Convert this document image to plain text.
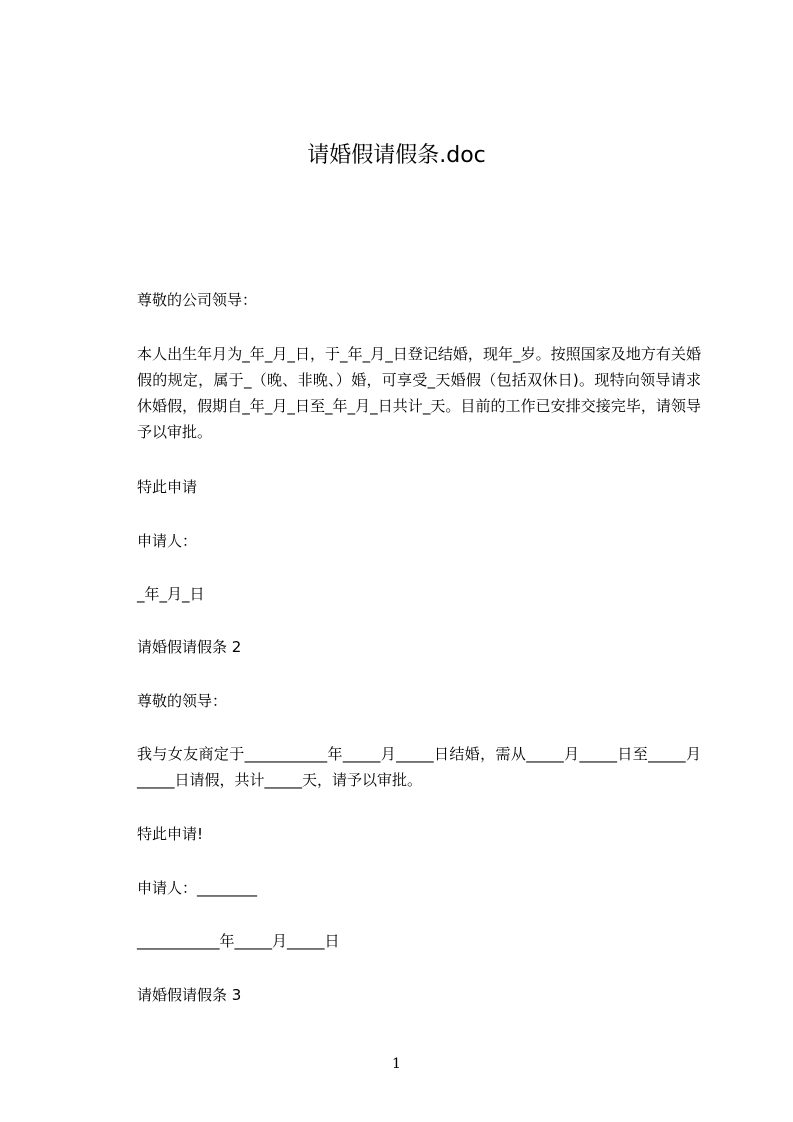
请婚假请假条.doc

尊敬的公司领导：

本人出生年月为_年_月_日，于_年_月_日登记结婚，现年_岁。按照国家及地方有关婚假的规定，属于_（晚、非晚、）婚，可享受_天婚假（包括双休日)。现特向领导请求休婚假，假期自_年_月_日至_年_月_日共计_天。目前的工作已安排交接完毕，请领导予以审批。

特此申请

申请人：

_年_月_日

请婚假请假条 2

尊敬的领导：

我与女友商定于___________年_____月_____日结婚，需从_____月_____日至_____月_____日请假，共计_____天，请予以审批。

特此申请!

申请人：________

___________年_____月_____日

请婚假请假条 3

1
